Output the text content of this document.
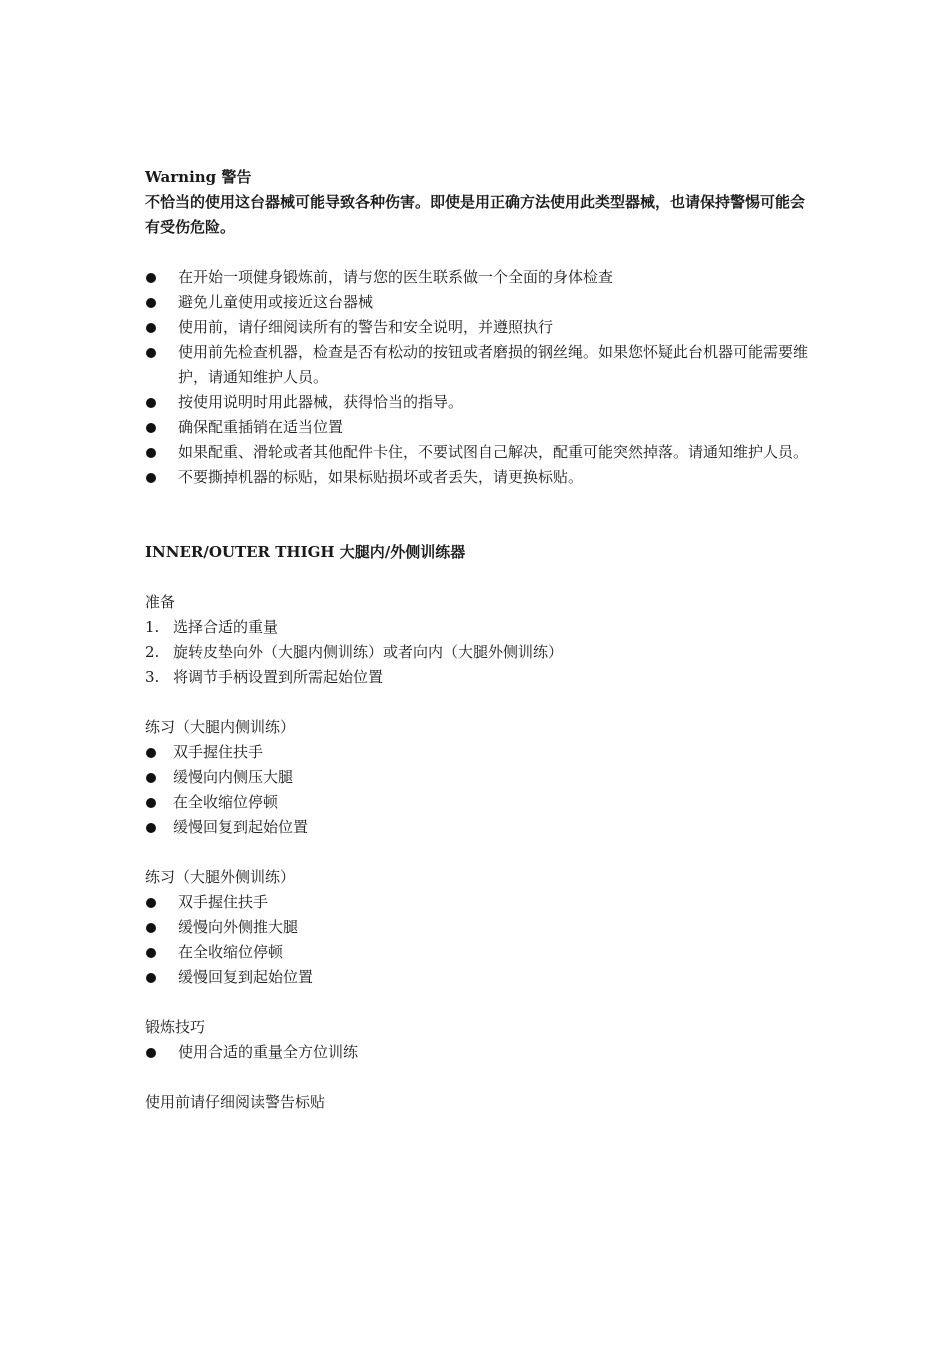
Warning 警告

不恰当的使用这台器械可能导致各种伤害。即使是用正确方法使用此类型器械，也请保持警惕可能会有受伤危险。

在开始一项健身锻炼前，请与您的医生联系做一个全面的身体检查
避免儿童使用或接近这台器械
使用前，请仔细阅读所有的警告和安全说明，并遵照执行
使用前先检查机器，检查是否有松动的按钮或者磨损的钢丝绳。如果您怀疑此台机器可能需要维护，请通知维护人员。
按使用说明时用此器械，获得恰当的指导。
确保配重插销在适当位置
如果配重、滑轮或者其他配件卡住，不要试图自己解决，配重可能突然掉落。请通知维护人员。
不要撕掉机器的标贴，如果标贴损坏或者丢失，请更换标贴。

INNER/OUTER THIGH 大腿内/外侧训练器

准备

1. 选择合适的重量
2. 旋转皮垫向外（大腿内侧训练）或者向内（大腿外侧训练）
3. 将调节手柄设置到所需起始位置

练习（大腿内侧训练）

双手握住扶手
缓慢向内侧压大腿
在全收缩位停顿
缓慢回复到起始位置

练习（大腿外侧训练）

双手握住扶手
缓慢向外侧推大腿
在全收缩位停顿
缓慢回复到起始位置

锻炼技巧

使用合适的重量全方位训练

使用前请仔细阅读警告标贴
